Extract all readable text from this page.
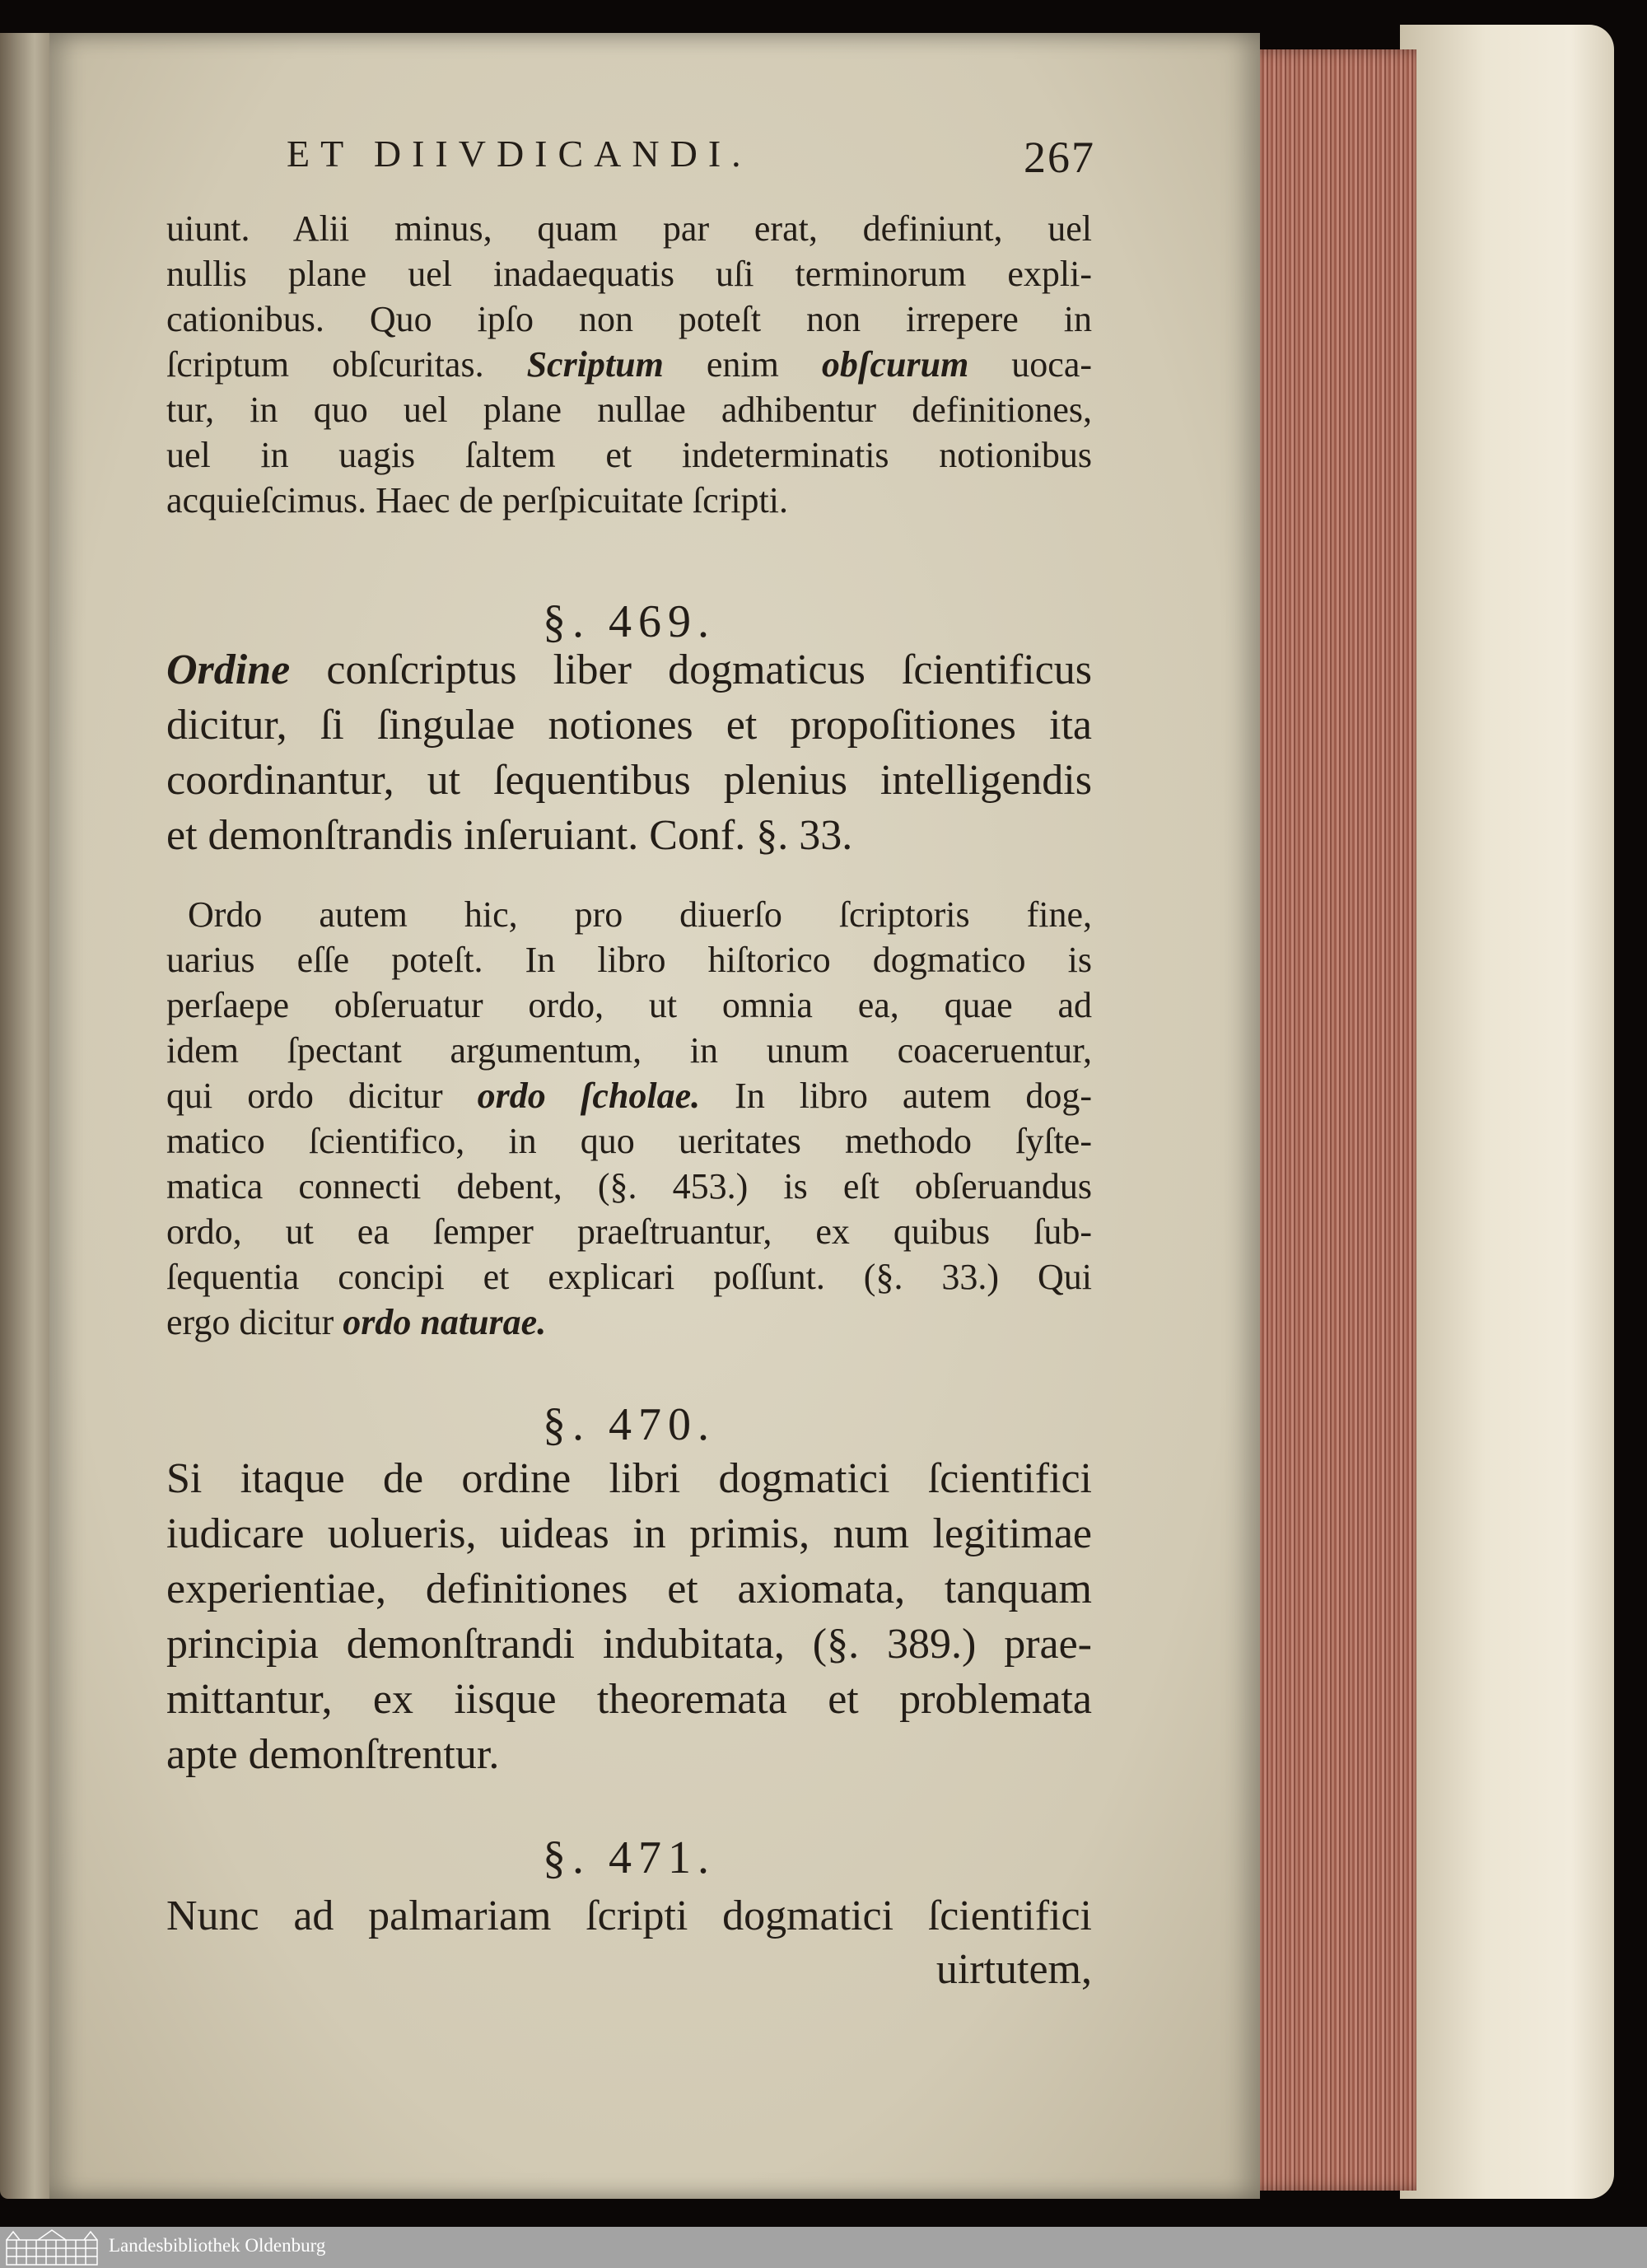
ET DIIVDICANDI.	267
uiunt. Alii minus, quam par erat, definiunt, uel
nullis plane uel inadaequatis uſi terminorum expli-
cationibus. Quo ipſo non poteſt non irrepere in
ſcriptum obſcuritas. Scriptum enim obſcurum uoca-
tur, in quo uel plane nullae adhibentur definitiones,
uel in uagis ſaltem et indeterminatis notionibus
acquieſcimus. Haec de perſpicuitate ſcripti.
§. 469.
Ordine conſcriptus liber dogmaticus ſcientificus
dicitur, ſi ſingulae notiones et propoſitiones ita
coordinantur, ut ſequentibus plenius intelligendis
et demonſtrandis inſeruiant. Conf. §. 33.
Ordo autem hic, pro diuerſo ſcriptoris fine,
uarius eſſe poteſt. In libro hiſtorico dogmatico is
perſaepe obſeruatur ordo, ut omnia ea, quae ad
idem ſpectant argumentum, in unum coaceruentur,
qui ordo dicitur ordo ſcholae. In libro autem dog-
matico ſcientifico, in quo ueritates methodo ſyſte-
matica connecti debent, (§. 453.) is eſt obſeruandus
ordo, ut ea ſemper praeſtruantur, ex quibus ſub-
ſequentia concipi et explicari poſſunt. (§. 33.) Qui
ergo dicitur ordo naturae.
§. 470.
Si itaque de ordine libri dogmatici ſcientifici
iudicare uolueris, uideas in primis, num legitimae
experientiae, definitiones et axiomata, tanquam
principia demonſtrandi indubitata, (§. 389.) prae-
mittantur, ex iisque theoremata et problemata
apte demonſtrentur.
§. 471.
Nunc ad palmariam ſcripti dogmatici ſcientifici
uirtutem,
Landesbibliothek Oldenburg
